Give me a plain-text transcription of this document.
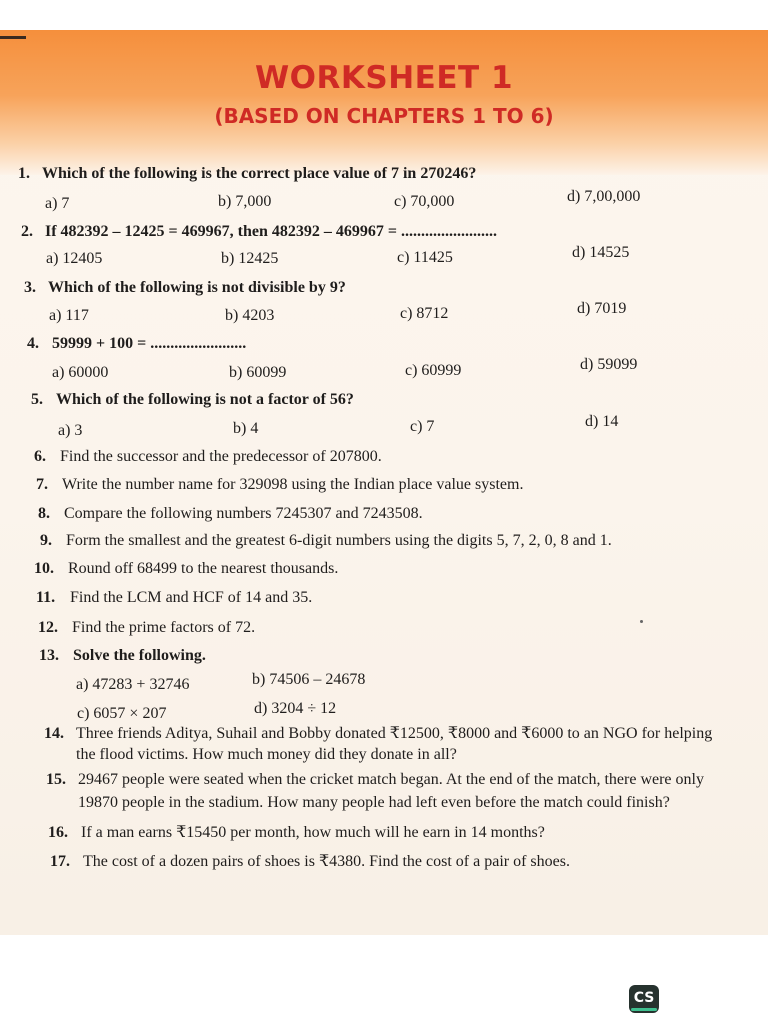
WORKSHEET 1
(BASED ON CHAPTERS 1 TO 6)
1. Which of the following is the correct place value of 7 in 270246?
a) 7	b) 7,000	c) 70,000	d) 7,00,000
2. If 482392 – 12425 = 469967, then 482392 – 469967 = ........................
a) 12405	b) 12425	c) 11425	d) 14525
3. Which of the following is not divisible by 9?
a) 117	b) 4203	c) 8712	d) 7019
4. 59999 + 100 = ........................
a) 60000	b) 60099	c) 60999	d) 59099
5. Which of the following is not a factor of 56?
a) 3	b) 4	c) 7	d) 14
6. Find the successor and the predecessor of 207800.
7. Write the number name for 329098 using the Indian place value system.
8. Compare the following numbers 7245307 and 7243508.
9. Form the smallest and the greatest 6-digit numbers using the digits 5, 7, 2, 0, 8 and 1.
10. Round off 68499 to the nearest thousands.
11. Find the LCM and HCF of 14 and 35.
12. Find the prime factors of 72.
13. Solve the following.
a) 47283 + 32746	b) 74506 – 24678
c) 6057 × 207	d) 3204 ÷ 12
14. Three friends Aditya, Suhail and Bobby donated ₹12500, ₹8000 and ₹6000 to an NGO for helping
the flood victims. How much money did they donate in all?
15. 29467 people were seated when the cricket match began. At the end of the match, there were only
19870 people in the stadium. How many people had left even before the match could finish?
16. If a man earns ₹15450 per month, how much will he earn in 14 months?
17. The cost of a dozen pairs of shoes is ₹4380. Find the cost of a pair of shoes.
CS
